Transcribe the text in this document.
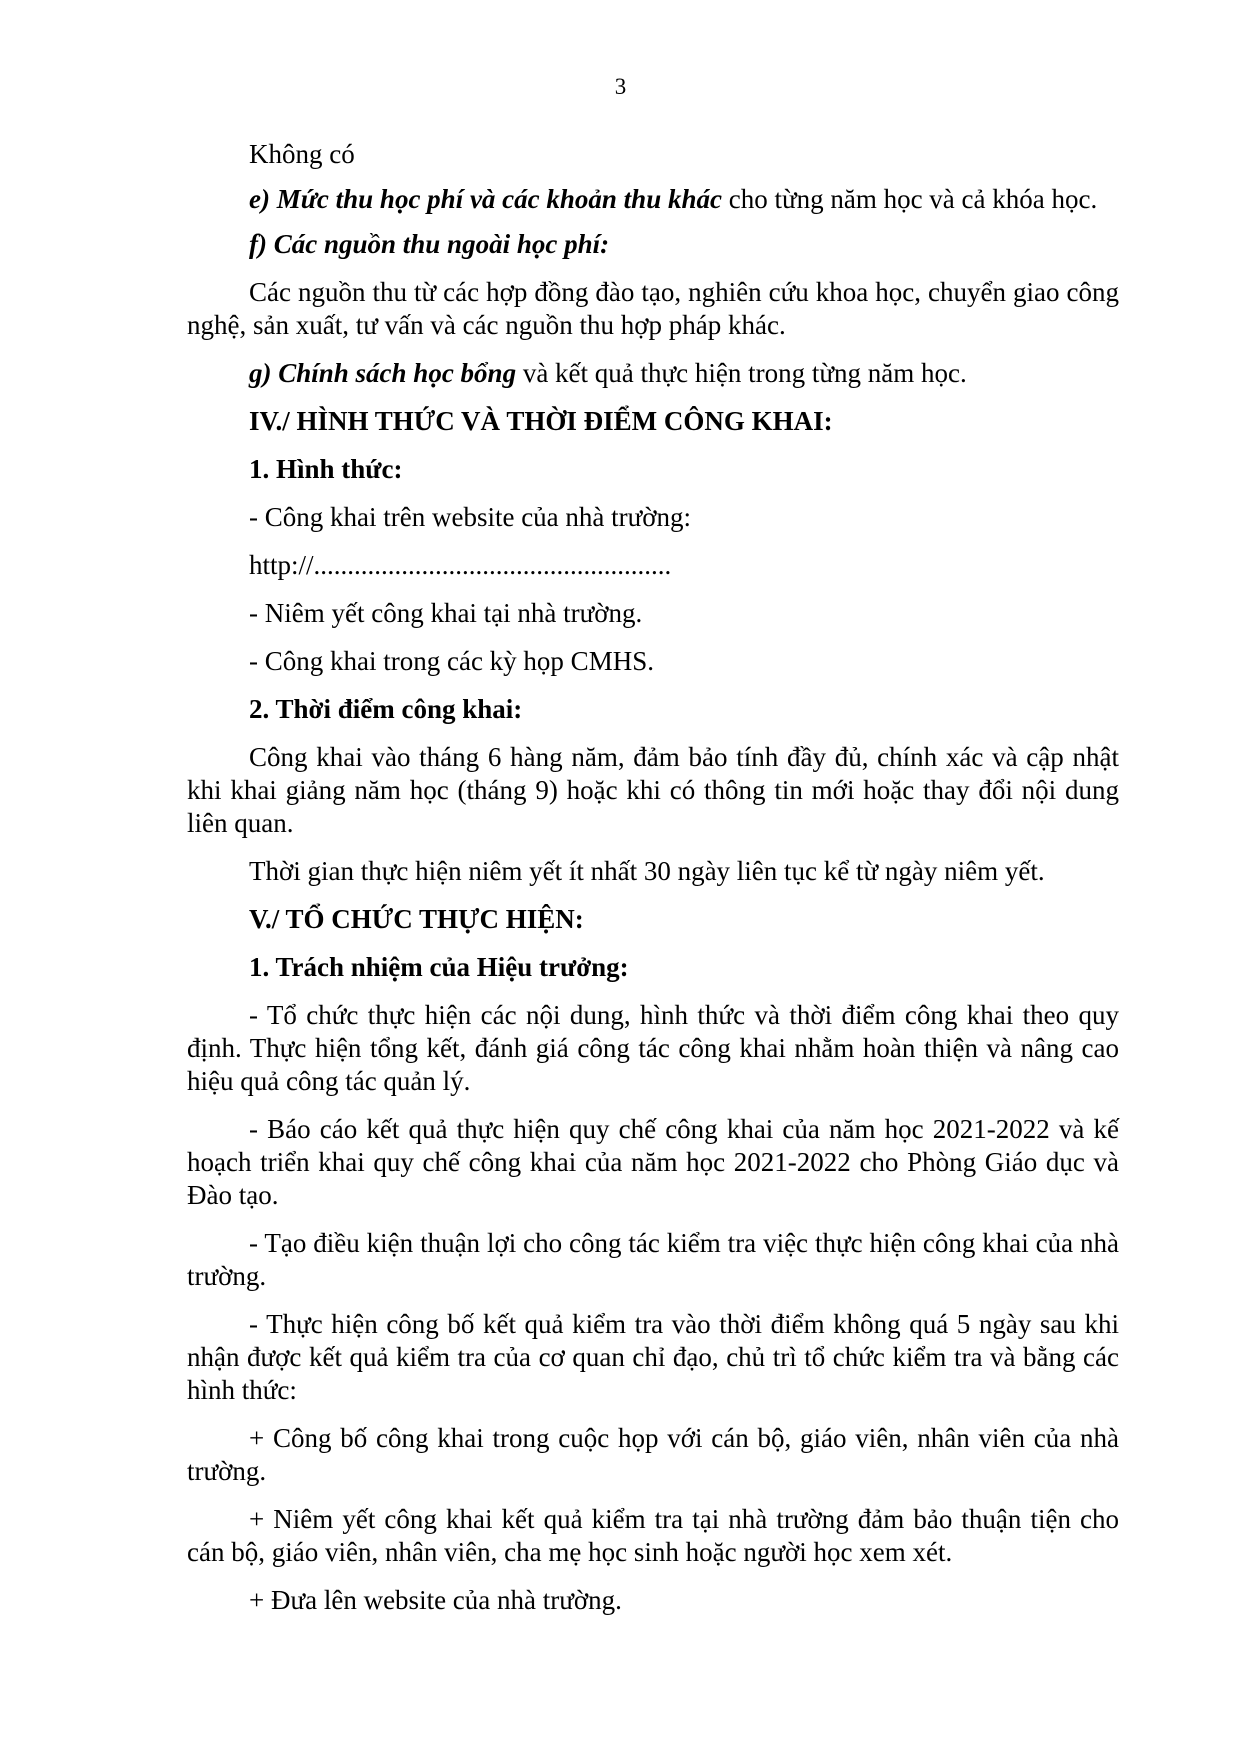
3

Không có

e) Mức thu học phí và các khoản thu khác cho từng năm học và cả khóa học.

f) Các nguồn thu ngoài học phí:

Các nguồn thu từ các hợp đồng đào tạo, nghiên cứu khoa học, chuyển giao công nghệ, sản xuất, tư vấn và các nguồn thu hợp pháp khác.

g) Chính sách học bổng và kết quả thực hiện trong từng năm học.

IV./ HÌNH THỨC VÀ THỜI ĐIỂM CÔNG KHAI:

1. Hình thức:

- Công khai trên website của nhà trường:

http://.....................................................

- Niêm yết công khai tại nhà trường.

- Công khai trong các kỳ họp CMHS.

2. Thời điểm công khai:

Công khai vào tháng 6 hàng năm, đảm bảo tính đầy đủ, chính xác và cập nhật khi khai giảng năm học (tháng 9) hoặc khi có thông tin mới hoặc thay đổi nội dung liên quan.

Thời gian thực hiện niêm yết ít nhất 30 ngày liên tục kể từ ngày niêm yết.

V./ TỔ CHỨC THỰC HIỆN:

1. Trách nhiệm của Hiệu trưởng:

- Tổ chức thực hiện các nội dung, hình thức và thời điểm công khai theo quy định. Thực hiện tổng kết, đánh giá công tác công khai nhằm hoàn thiện và nâng cao hiệu quả công tác quản lý.

- Báo cáo kết quả thực hiện quy chế công khai của năm học 2021-2022 và kế hoạch triển khai quy chế công khai của năm học 2021-2022 cho Phòng Giáo dục và Đào tạo.

- Tạo điều kiện thuận lợi cho công tác kiểm tra việc thực hiện công khai của nhà trường.

- Thực hiện công bố kết quả kiểm tra vào thời điểm không quá 5 ngày sau khi nhận được kết quả kiểm tra của cơ quan chỉ đạo, chủ trì tổ chức kiểm tra và bằng các hình thức:

+ Công bố công khai trong cuộc họp với cán bộ, giáo viên, nhân viên của nhà trường.

+ Niêm yết công khai kết quả kiểm tra tại nhà trường đảm bảo thuận tiện cho cán bộ, giáo viên, nhân viên, cha mẹ học sinh hoặc người học xem xét.

+ Đưa lên website của nhà trường.
